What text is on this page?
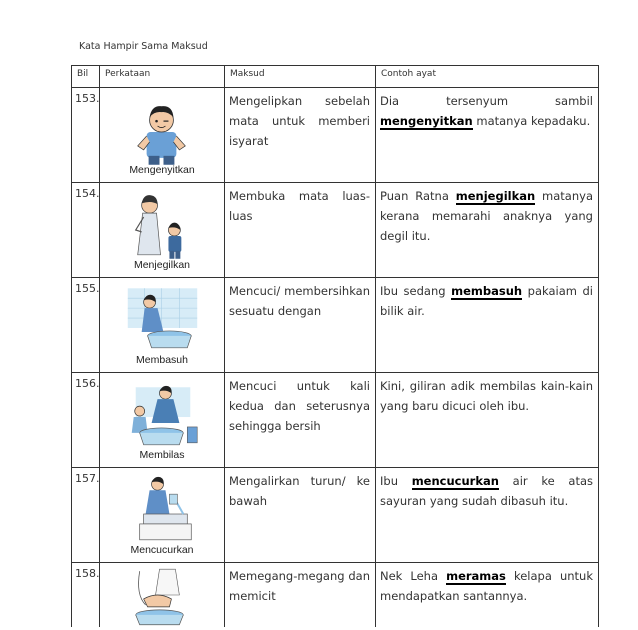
Kata Hampir Sama Maksud
Bil	Perkataan	Maksud	Contoh ayat
153.	Mengenyitkan	Mengelipkan sebelah mata untuk memberi isyarat	Dia tersenyum sambil mengenyitkan matanya kepadaku.
154.	Menjegilkan	Membuka mata luas-luas	Puan Ratna menjegilkan matanya kerana memarahi anaknya yang degil itu.
155.	Membasuh	Mencuci/ membersihkan sesuatu dengan	Ibu sedang membasuh pakaiam di bilik air.
156.	Membilas	Mencuci untuk kali kedua dan seterusnya sehingga bersih	Kini, giliran adik membilas kain-kain yang baru dicuci oleh ibu.
157.	Mencucurkan	Mengalirkan turun/ ke bawah	Ibu mencucurkan air ke atas sayuran yang sudah dibasuh itu.
158.		Memegang-megang dan memicit	Nek Leha meramas kelapa untuk mendapatkan santannya.
